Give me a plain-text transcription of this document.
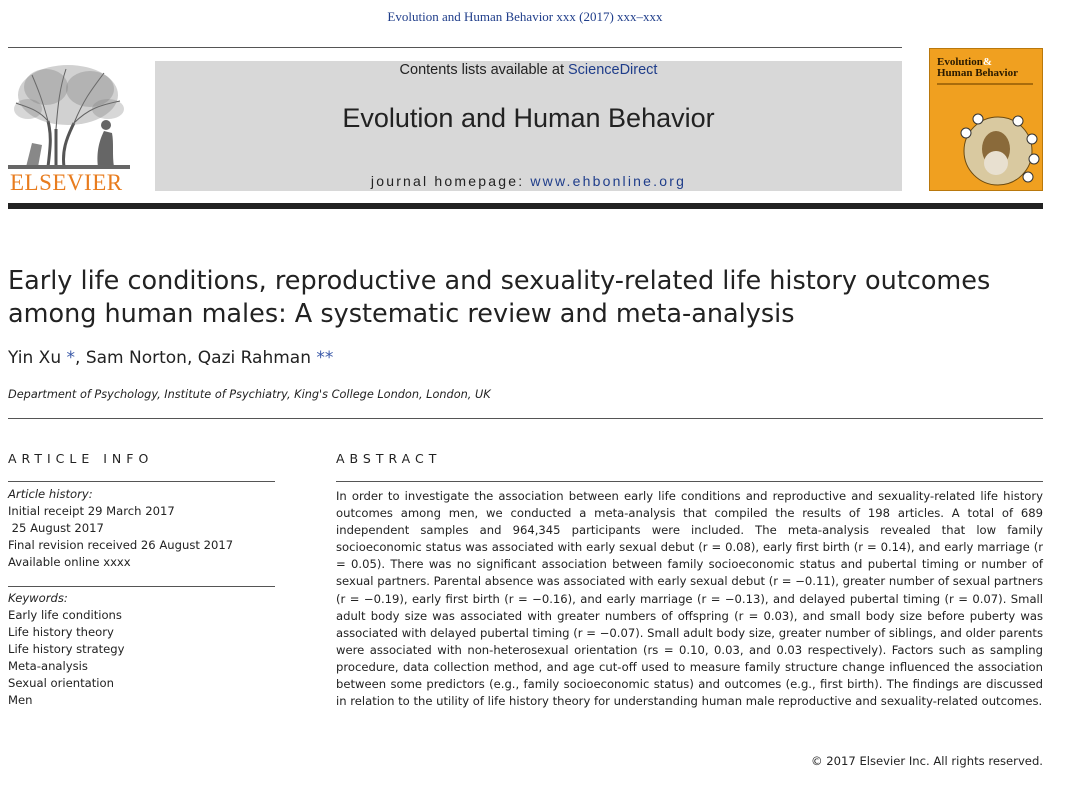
Evolution and Human Behavior xxx (2017) xxx–xxx
ELSEVIER
Contents lists available at ScienceDirect
Evolution and Human Behavior
journal homepage: www.ehbonline.org
Evolution&
Human Behavior
Early life conditions, reproductive and sexuality-related life history outcomes among human males: A systematic review and meta-analysis
Yin Xu *, Sam Norton, Qazi Rahman **
Department of Psychology, Institute of Psychiatry, King's College London, London, UK
ARTICLE INFO
Article history:
Initial receipt 29 March 2017
25 August 2017
Final revision received 26 August 2017
Available online xxxx
Keywords:
Early life conditions
Life history theory
Life history strategy
Meta-analysis
Sexual orientation
Men
ABSTRACT
In order to investigate the association between early life conditions and reproductive and sexuality-related life history outcomes among men, we conducted a meta-analysis that compiled the results of 198 articles. A total of 689 independent samples and 964,345 participants were included. The meta-analysis revealed that low family socioeconomic status was associated with early sexual debut (r = 0.08), early first birth (r = 0.14), and early marriage (r = 0.05). There was no significant association between family socioeconomic status and pubertal timing or number of sexual partners. Parental absence was associated with early sexual debut (r = −0.11), greater number of sexual partners (r = −0.19), early first birth (r = −0.16), and early marriage (r = −0.13), and delayed pubertal timing (r = 0.07). Small adult body size was associated with greater numbers of offspring (r = 0.03), and small body size before puberty was associated with delayed pubertal timing (r = −0.07). Small adult body size, greater number of siblings, and older parents were associated with non-heterosexual orientation (rs = 0.10, 0.03, and 0.03 respectively). Factors such as sampling procedure, data collection method, and age cut-off used to measure family structure change influenced the association between some predictors (e.g., family socioeconomic status) and outcomes (e.g., first birth). The findings are discussed in relation to the utility of life history theory for understanding human male reproductive and sexuality-related outcomes.
© 2017 Elsevier Inc. All rights reserved.
